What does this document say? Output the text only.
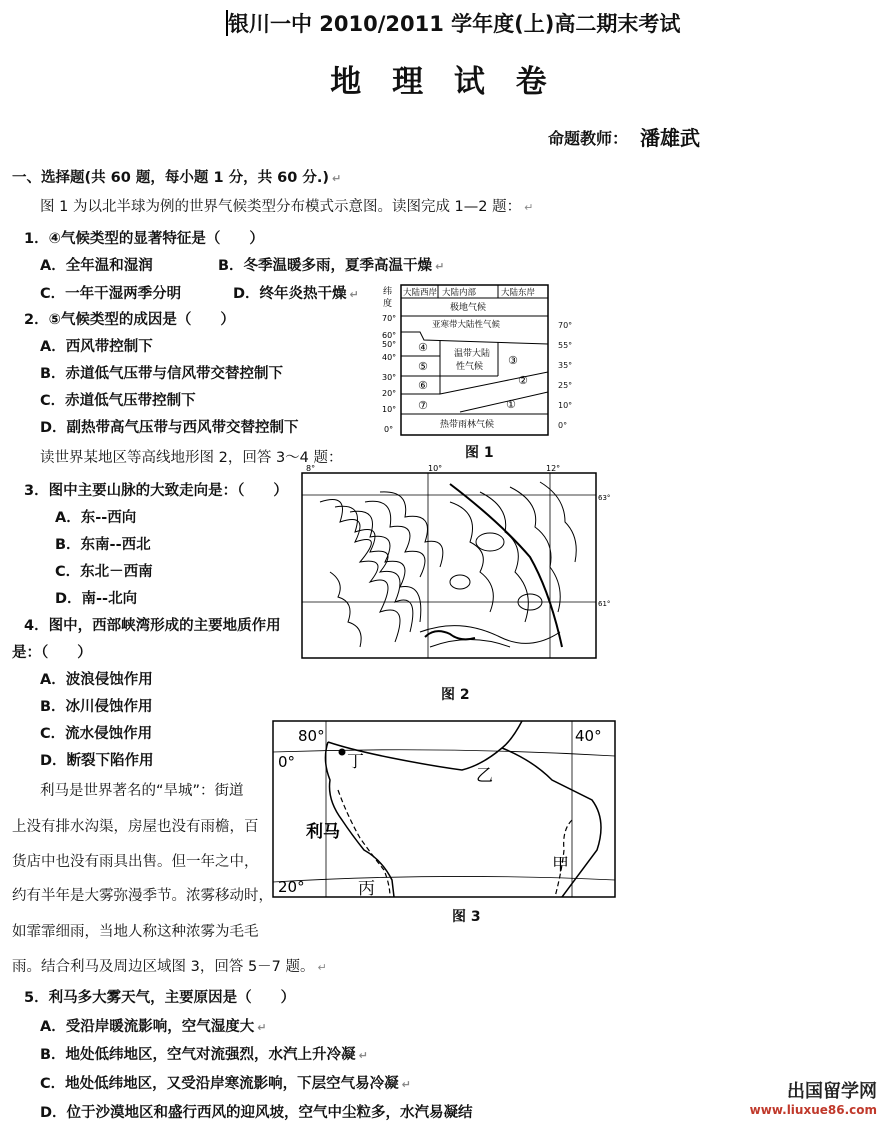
银川一中 2010/2011 学年度(上)高二期末考试
地 理 试 卷
命题教师： 潘雄武
一、选择题(共 60 题，每小题 1 分，共 60 分.) ↵
图 1 为以北半球为例的世界气候类型分布模式示意图。读图完成 1—2 题： ↵
1．④气候类型的显著特征是（　　）
A．全年温和湿润	B．冬季温暖多雨，夏季高温干燥 ↵
C．一年干湿两季分明	D．终年炎热干燥 ↵
2．⑤气候类型的成因是（　　）
A．西风带控制下
B．赤道低气压带与信风带交替控制下
C．赤道低气压带控制下
D．副热带高气压带与西风带交替控制下
读世界某地区等高线地形图 2，回答 3～4 题：
纬
度
大陆西岸 大陆内部	大陆东岸
极地气候
亚寒带大陆性气候
温带大陆
性气候
④
⑤	③
⑥	②
⑦	①
热带雨林气候
70°
60°
50°
40°
30°
20°
10°
0°
70°
55°
35°
25°
10°
0°
图 1
3．图中主要山脉的大致走向是：（　　）
A．东--西向
B．东南--西北
C．东北－西南
D．南--北向
8°	10°	12°
63°
61°
4．图中，西部峡湾形成的主要地质作用
是：（　　）
A．波浪侵蚀作用
B．冰川侵蚀作用
C．流水侵蚀作用
D．断裂下陷作用
图 2
利马是世界著名的“旱城”：街道
上没有排水沟渠，房屋也没有雨檐，百
货店中也没有雨具出售。但一年之中，
约有半年是大雾弥漫季节。浓雾移动时，
如霏霏细雨，当地人称这种浓雾为毛毛
雨。结合利马及周边区域图 3，回答 5－7 题。 ↵
80°	40°
0°
20°
丁
乙
利马
丙
甲
图 3
5．利马多大雾天气，主要原因是（　　）
A．受沿岸暖流影响，空气湿度大 ↵
B．地处低纬地区，空气对流强烈，水汽上升冷凝 ↵
C．地处低纬地区，又受沿岸寒流影响，下层空气易冷凝 ↵
D．位于沙漠地区和盛行西风的迎风坡，空气中尘粒多，水汽易凝结
出国留学网
www.liuxue86.com
